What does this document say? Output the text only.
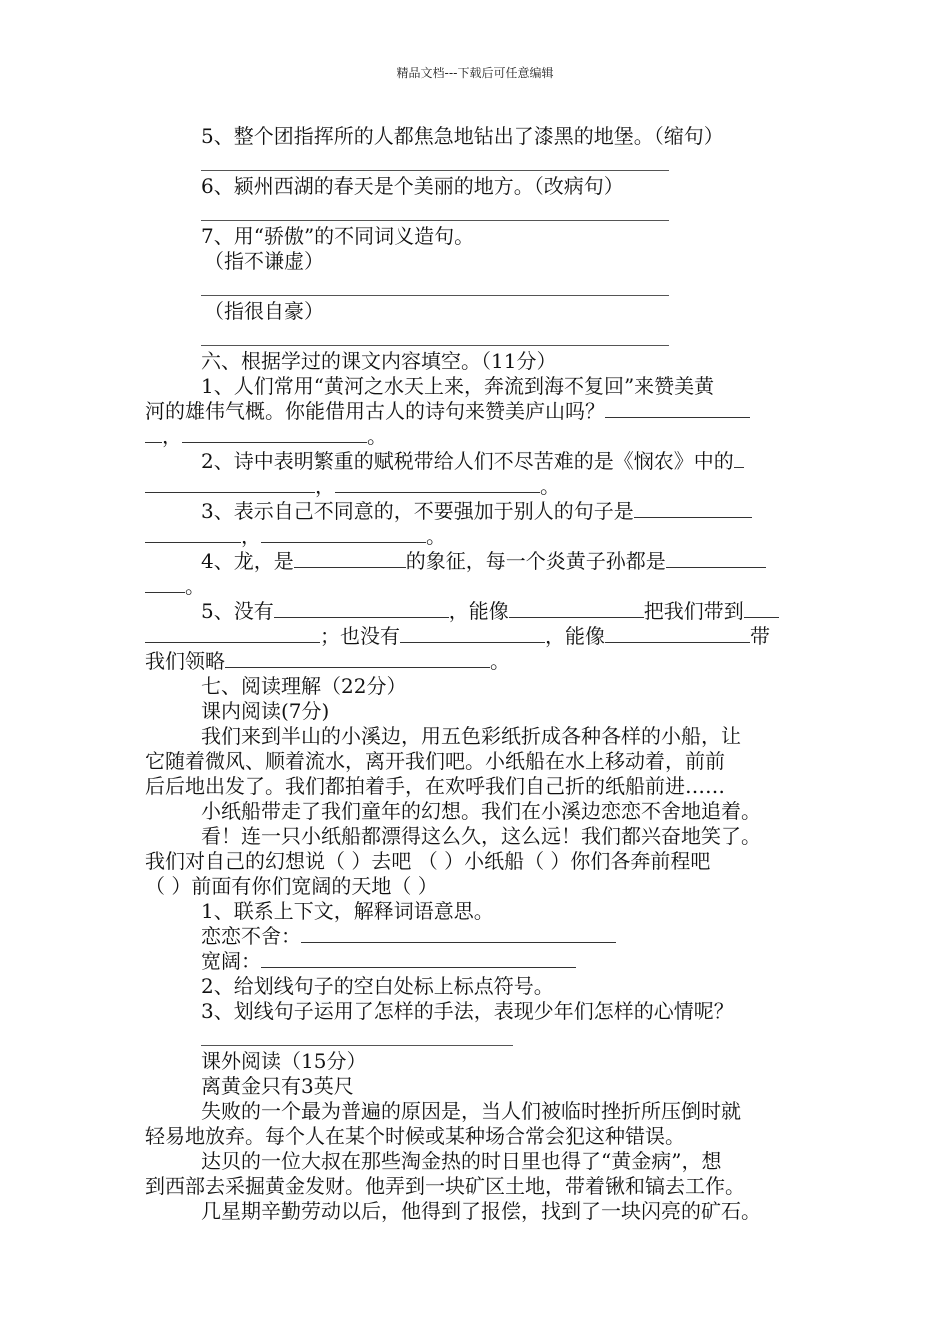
精品文档---下载后可任意编辑
5、整个团指挥所的人都焦急地钻出了漆黑的地堡。（缩句）
6、颍州西湖的春天是个美丽的地方。（改病句）
7、用“骄傲”的不同词义造句。
（指不谦虚）
（指很自豪）
六、根据学过的课文内容填空。（11分）
1、人们常用“黄河之水天上来，奔流到海不复回”来赞美黄
河的雄伟气概。你能借用古人的诗句来赞美庐山吗？
，	。
2、诗中表明繁重的赋税带给人们不尽苦难的是《悯农》中的
，	。
3、表示自己不同意的，不要强加于别人的句子是
，	。
4、龙，是	的象征，每一个炎黄子孙都是
。
5、没有	，能像	把我们带到
；也没有	，能像	带
我们领略	。
七、阅读理解（22分）
课内阅读(7分)
我们来到半山的小溪边，用五色彩纸折成各种各样的小船，让
它随着微风、顺着流水，离开我们吧。小纸船在水上移动着，前前
后后地出发了。我们都拍着手，在欢呼我们自己折的纸船前进……
小纸船带走了我们童年的幻想。我们在小溪边恋恋不舍地追着。
看！连一只小纸船都漂得这么久，这么远！我们都兴奋地笑了。
我们对自己的幻想说（ ）去吧 （ ）小纸船（ ）你们各奔前程吧
（ ）前面有你们宽阔的天地（ ）
1、联系上下文，解释词语意思。
恋恋不舍：
宽阔：
2、给划线句子的空白处标上标点符号。
3、划线句子运用了怎样的手法，表现少年们怎样的心情呢？
课外阅读（15分）
离黄金只有3英尺
失败的一个最为普遍的原因是，当人们被临时挫折所压倒时就
轻易地放弃。每个人在某个时候或某种场合常会犯这种错误。
达贝的一位大叔在那些淘金热的时日里也得了“黄金病”，想
到西部去采掘黄金发财。他弄到一块矿区土地，带着锹和镐去工作。
几星期辛勤劳动以后，他得到了报偿，找到了一块闪亮的矿石。
